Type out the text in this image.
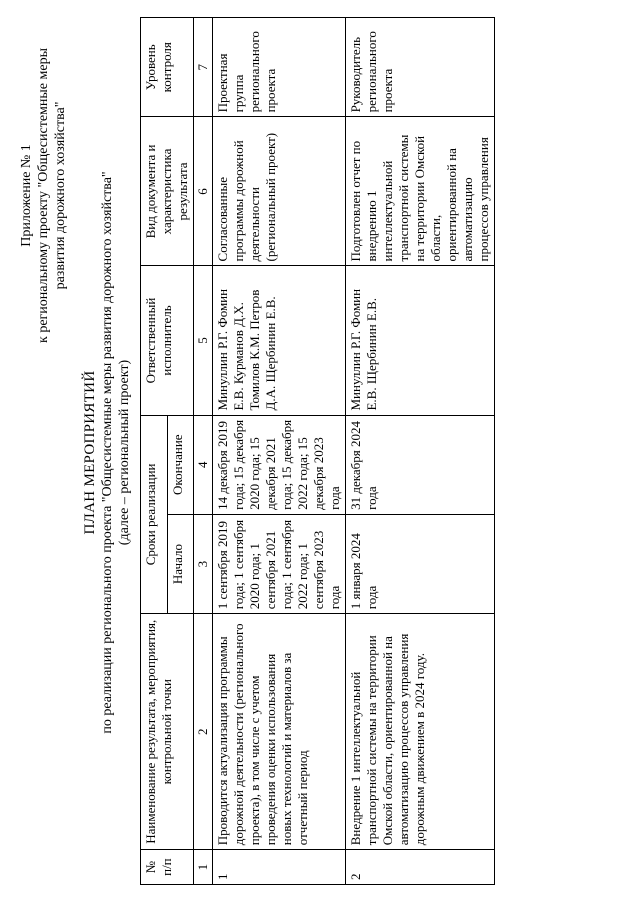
Приложение № 1 к региональному проекту "Общесистемные меры развития дорожного хозяйства"
ПЛАН МЕРОПРИЯТИЙ по реализации регионального проекта "Общесистемные меры развития дорожного хозяйства" (далее – региональный проект)
№ п/п	Наименование результата, мероприятия, контрольной точки	Сроки реализации		Ответственный исполнитель	Вид документа и характеристика результата	Уровень контроля
		Начало	Окончание			
1	2	3	4	5	6	7
1	Проводится актуализация программы дорожной деятельности (регионального проекта), в том числе с учетом проведения оценки использования новых технологий и материалов за отчетный период	1 сентября 2019 года; 1 сентября 2020 года; 1 сентября 2021 года; 1 сентября 2022 года; 1 сентября 2023 года	14 декабря 2019 года; 15 декабря 2020 года; 15 декабря 2021 года; 15 декабря 2022 года; 15 декабря 2023 года	Минуллин Р.Г. Фомин Е.В. Курманов Д.Х. Томилов К.М. Петров Д.А. Щербинин Е.В.	Согласованные программы дорожной деятельности (региональный проект)	Проектная группа регионального проекта
2	Внедрение 1 интеллектуальной транспортной системы на территории Омской области, ориентированной на автоматизацию процессов управления дорожным движением в 2024 году.	1 января 2024 года	31 декабря 2024 года	Минуллин Р.Г. Фомин Е.В. Щербинин Е.В.	Подготовлен отчет по внедрению 1 интеллектуальной транспортной системы на территории Омской области, ориентированной на автоматизацию процессов управления	Руководитель регионального проекта
